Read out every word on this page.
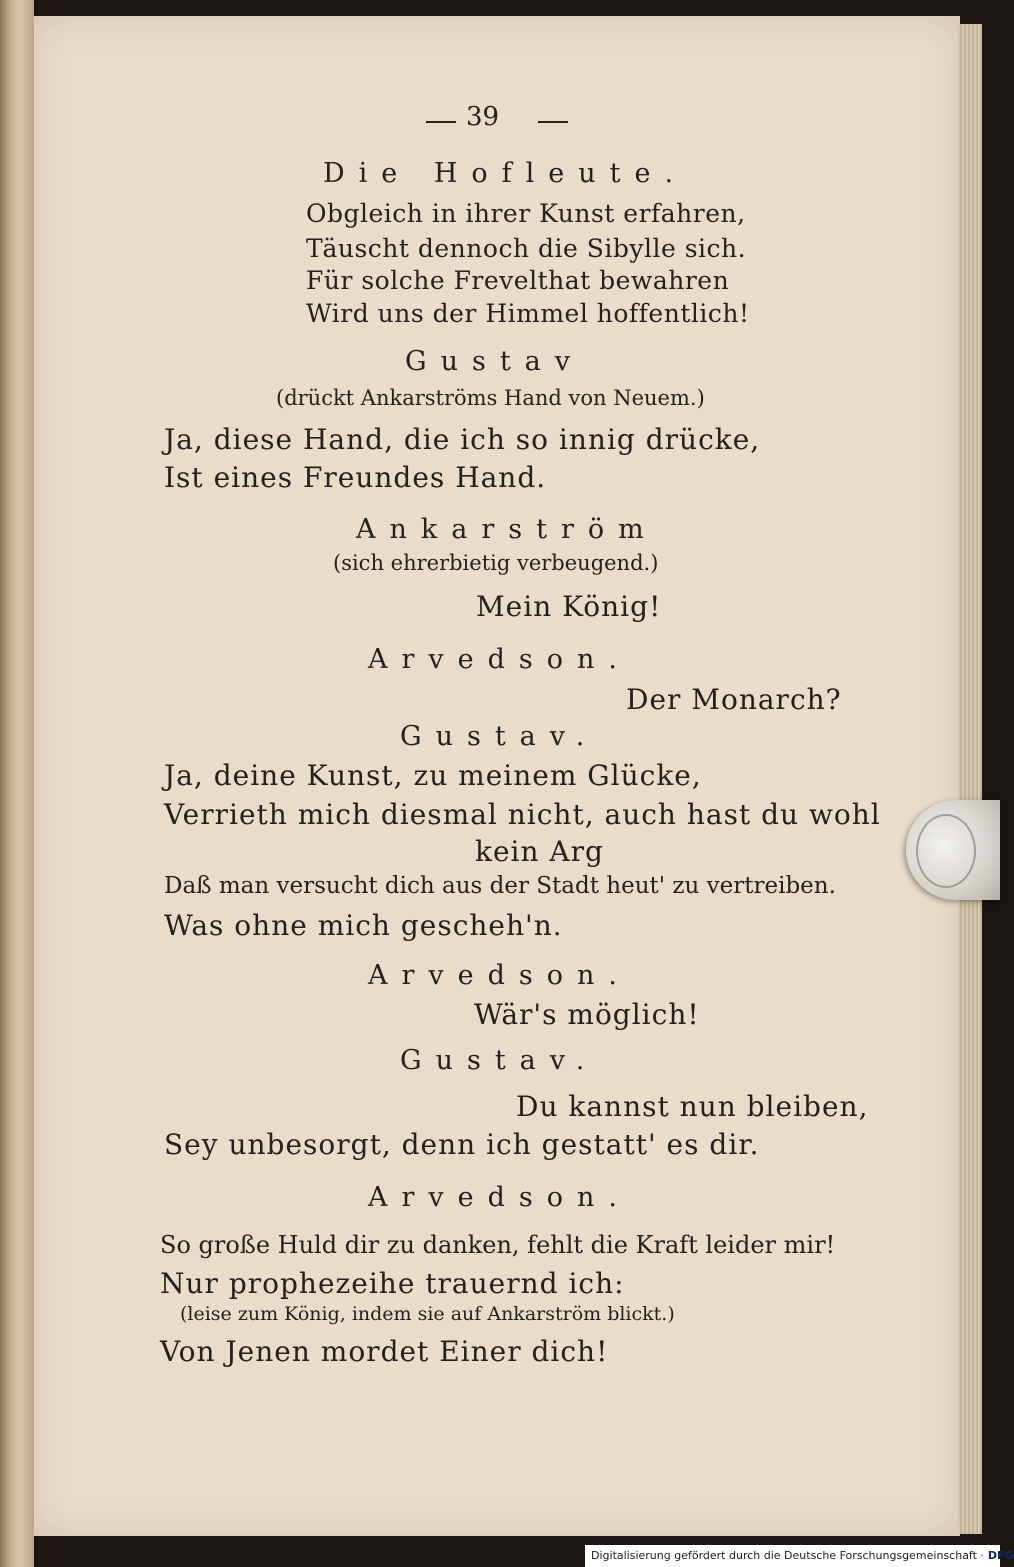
39
Die Hofleute.
Obgleich in ihrer Kunst erfahren,
Täuscht dennoch die Sibylle sich.
Für solche Frevelthat bewahren
Wird uns der Himmel hoffentlich!
Gustav
(drückt Ankarströms Hand von Neuem.)
Ja, diese Hand, die ich so innig drücke,
Ist eines Freundes Hand.
Ankarström
(sich ehrerbietig verbeugend.)
Mein König!
Arvedson.
Der Monarch?
Gustav.
Ja, deine Kunst, zu meinem Glücke,
Verrieth mich diesmal nicht, auch hast du wohl
kein Arg
Daß man versucht dich aus der Stadt heut' zu vertreiben.
Was ohne mich gescheh'n.
Arvedson.
Wär's möglich!
Gustav.
Du kannst nun bleiben,
Sey unbesorgt, denn ich gestatt' es dir.
Arvedson.
So große Huld dir zu danken, fehlt die Kraft leider mir!
Nur prophezeihe trauernd ich:
(leise zum König, indem sie auf Ankarström blickt.)
Von Jenen mordet Einer dich!
Digitalisierung gefördert durch die Deutsche Forschungsgemeinschaft · DFG
